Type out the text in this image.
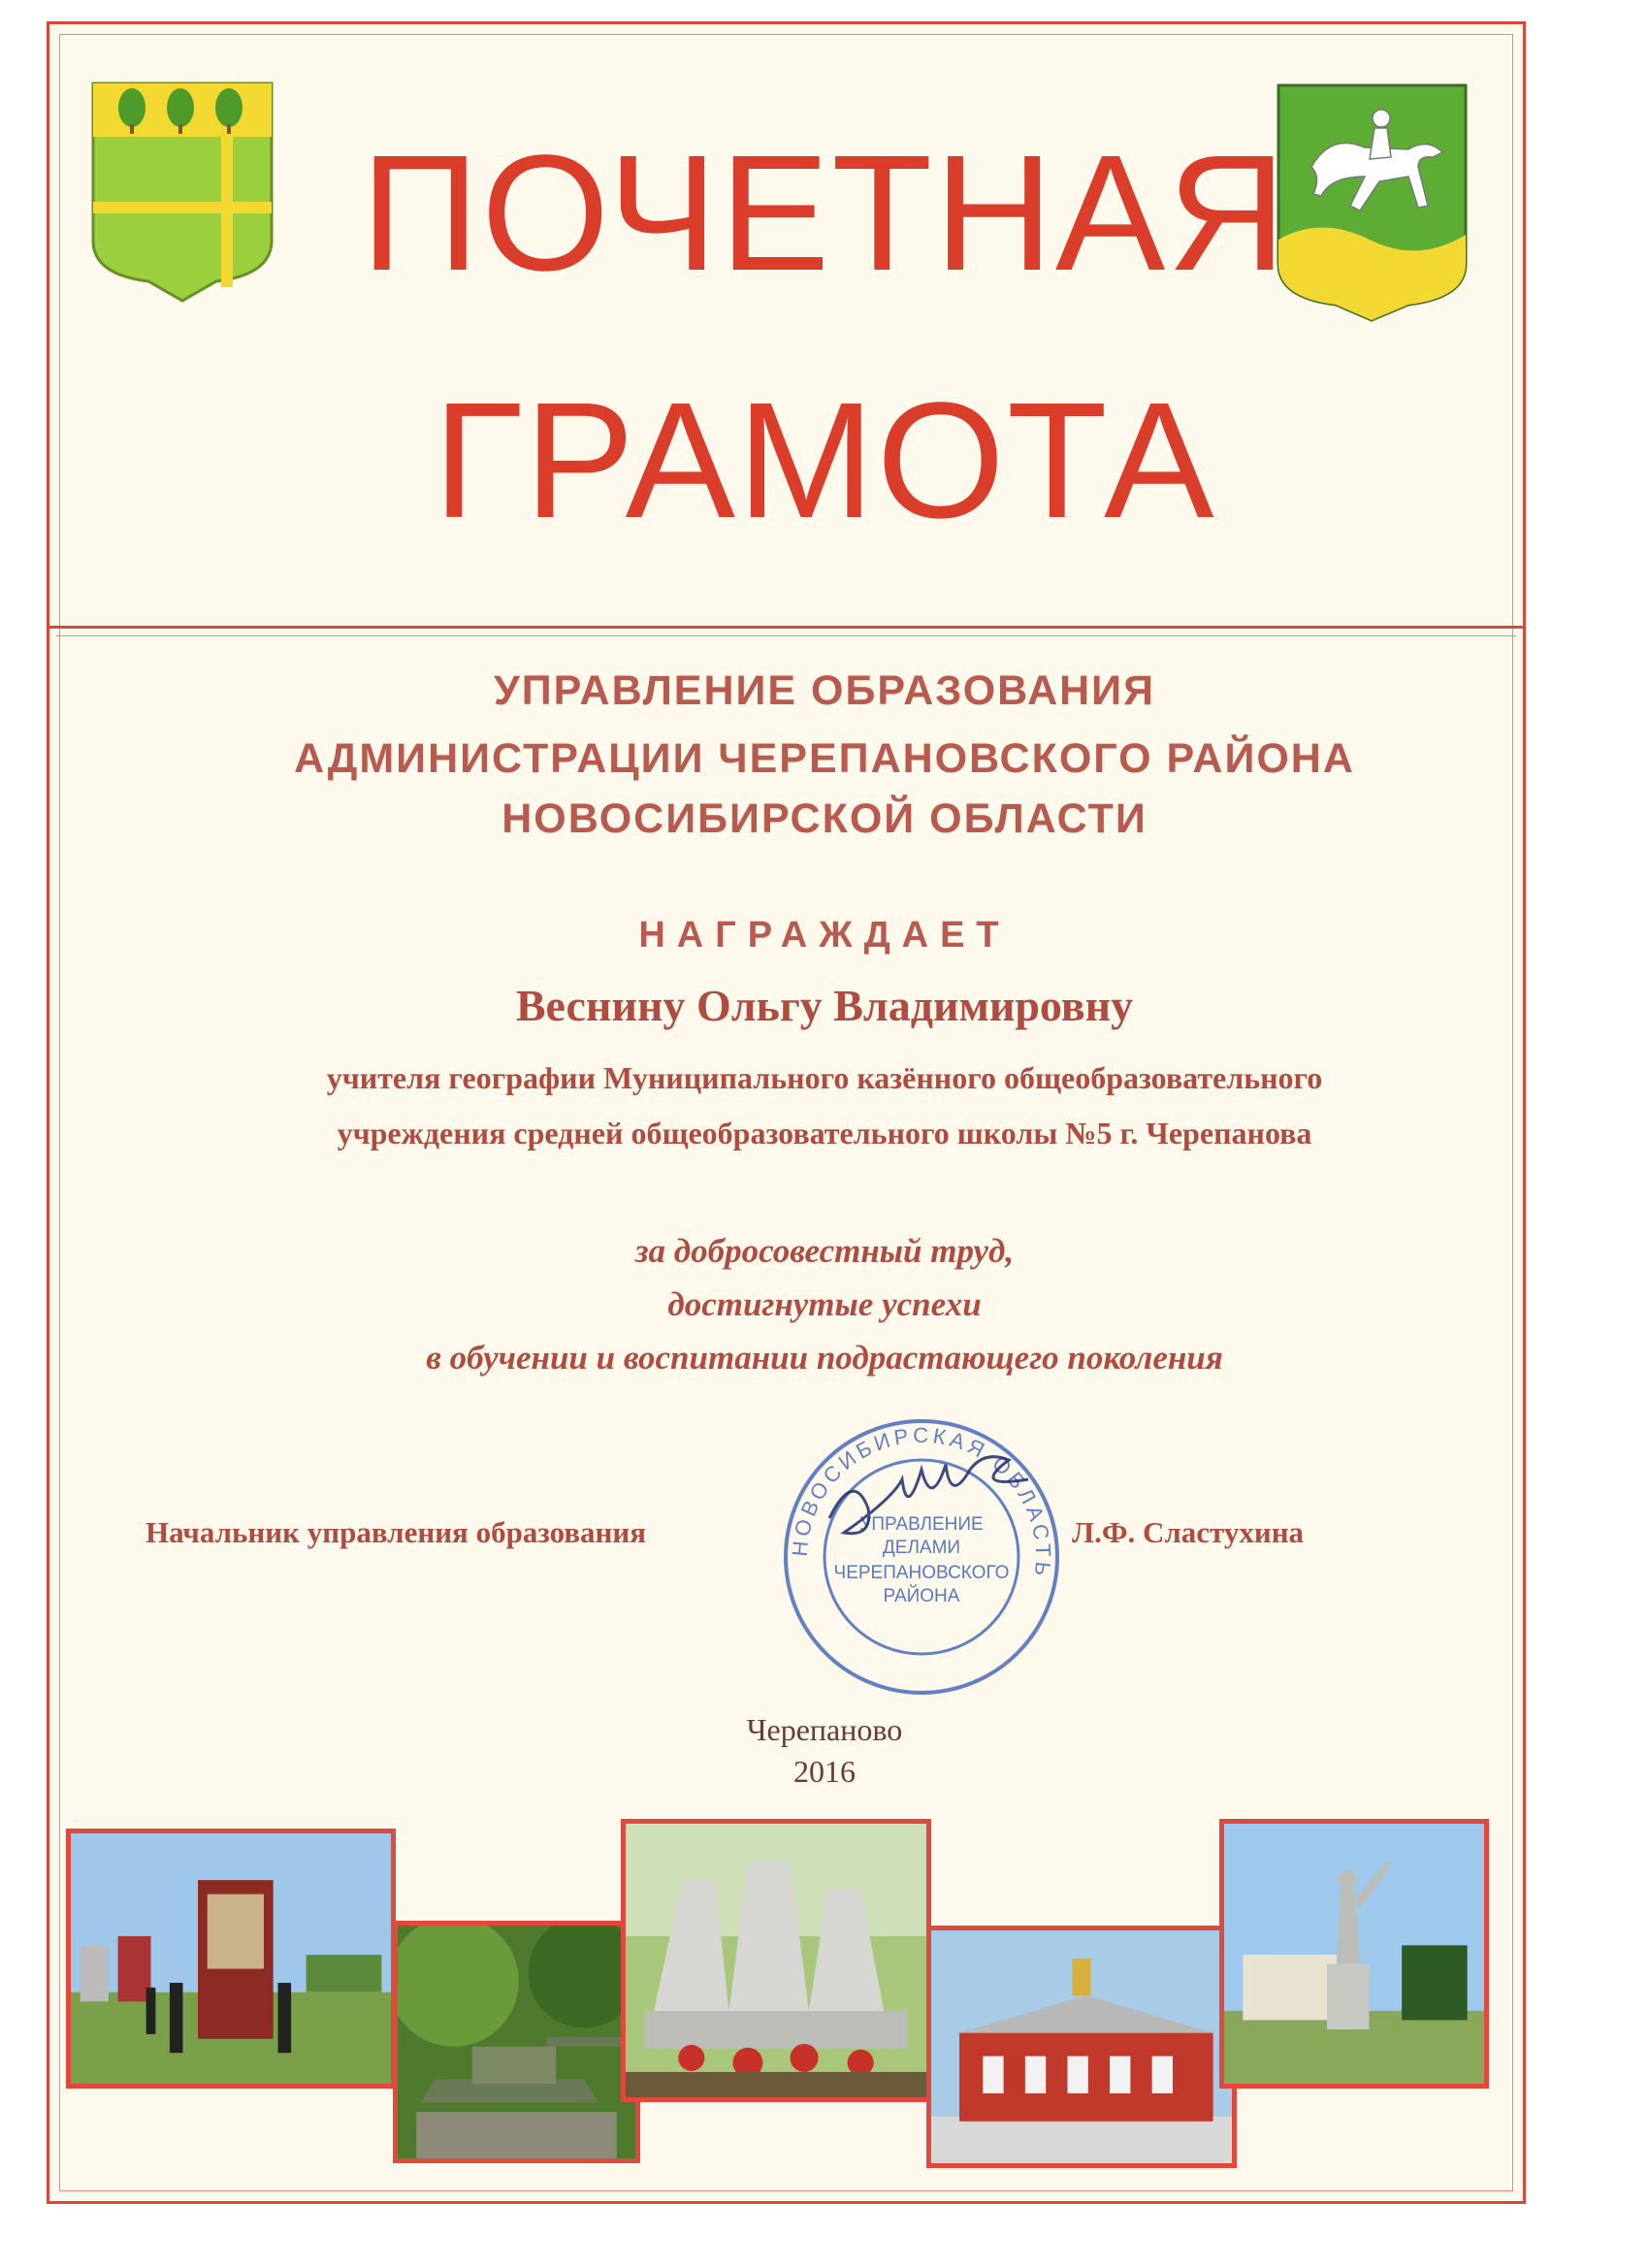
ПОЧЕТНАЯ
ГРАМОТА
УПРАВЛЕНИЕ ОБРАЗОВАНИЯ
АДМИНИСТРАЦИИ ЧЕРЕПАНОВСКОГО РАЙОНА
НОВОСИБИРСКОЙ ОБЛАСТИ
НАГРАЖДАЕТ
Веснину Ольгу Владимировну
учителя географии Муниципального казённого общеобразовательного
учреждения средней общеобразовательного школы №5 г. Черепанова
за добросовестный труд,
достигнутые успехи
в обучении и воспитании подрастающего поколения
Начальник управления образования	Л.Ф. Сластухина
НОВОСИБИРСКАЯ ОБЛАСТЬ
УПРАВЛЕНИЕ
ДЕЛАМИ
ЧЕРЕПАНОВСКОГО
РАЙОНА
Черепаново
2016
